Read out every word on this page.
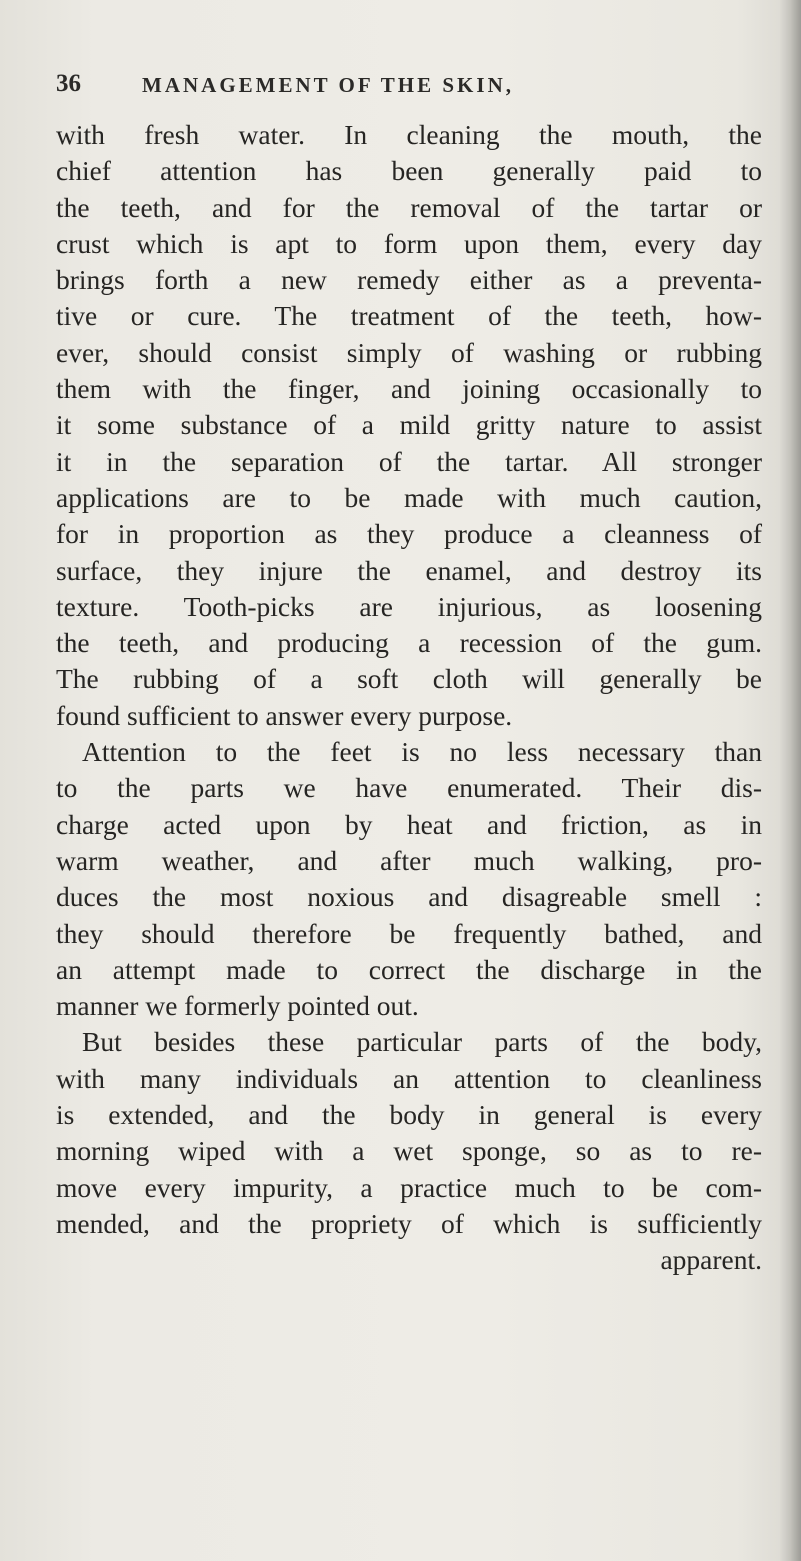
36	MANAGEMENT OF THE SKIN,
with fresh water. In cleaning the mouth, the
chief attention has been generally paid to
the teeth, and for the removal of the tartar or
crust which is apt to form upon them, every day
brings forth a new remedy either as a preventa-
tive or cure. The treatment of the teeth, how-
ever, should consist simply of washing or rubbing
them with the finger, and joining occasionally to
it some substance of a mild gritty nature to assist
it in the separation of the tartar. All stronger
applications are to be made with much caution,
for in proportion as they produce a cleanness of
surface, they injure the enamel, and destroy its
texture. Tooth-picks are injurious, as loosening
the teeth, and producing a recession of the gum.
The rubbing of a soft cloth will generally be
found sufficient to answer every purpose.
Attention to the feet is no less necessary than
to the parts we have enumerated. Their dis-
charge acted upon by heat and friction, as in
warm weather, and after much walking, pro-
duces the most noxious and disagreable smell :
they should therefore be frequently bathed, and
an attempt made to correct the discharge in the
manner we formerly pointed out.
But besides these particular parts of the body,
with many individuals an attention to cleanliness
is extended, and the body in general is every
morning wiped with a wet sponge, so as to re-
move every impurity, a practice much to be com-
mended, and the propriety of which is sufficiently
apparent.
